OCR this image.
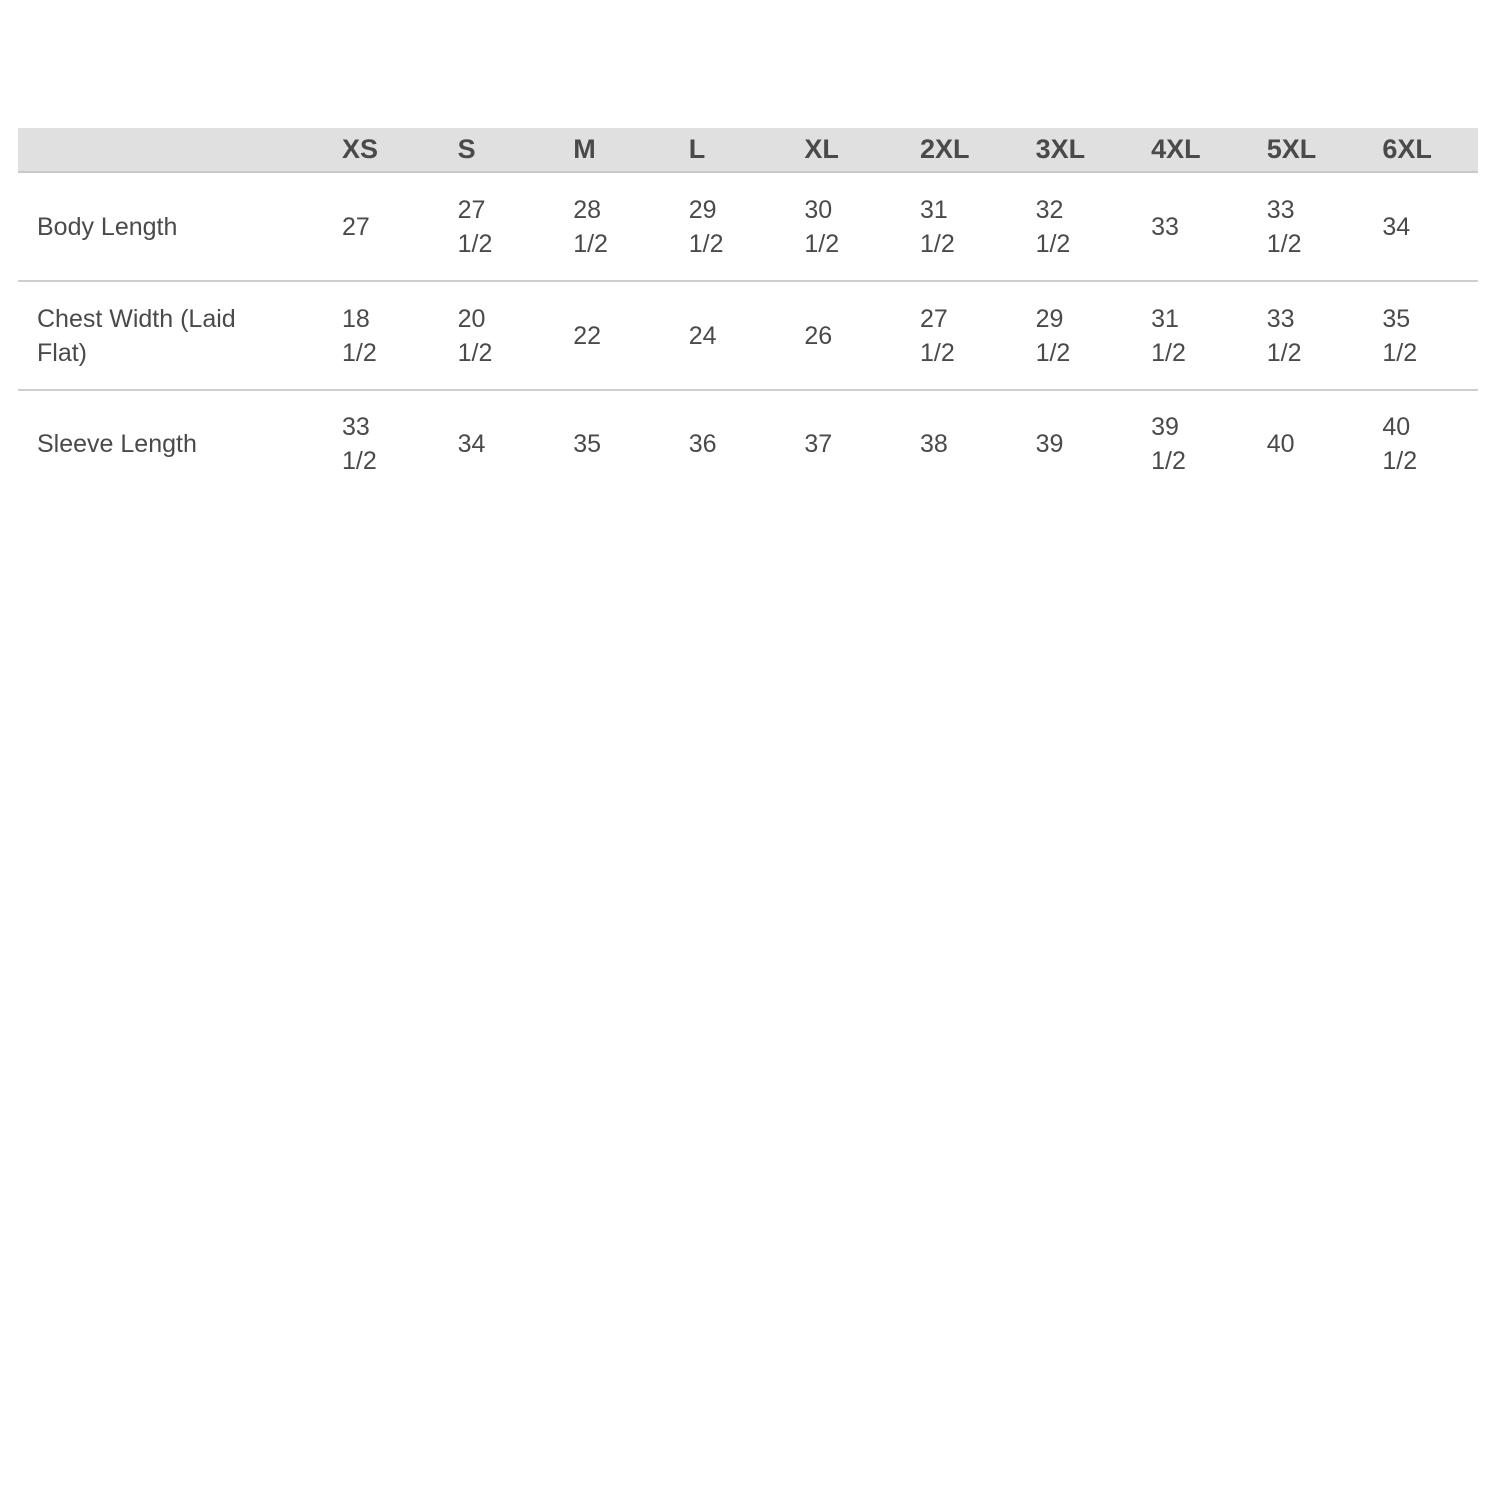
	XS	S	M	L	XL	2XL	3XL	4XL	5XL	6XL
Body Length	27	27 1/2	28 1/2	29 1/2	30 1/2	31 1/2	32 1/2	33	33 1/2	34
Chest Width (Laid Flat)	18 1/2	20 1/2	22	24	26	27 1/2	29 1/2	31 1/2	33 1/2	35 1/2
Sleeve Length	33 1/2	34	35	36	37	38	39	39 1/2	40	40 1/2
